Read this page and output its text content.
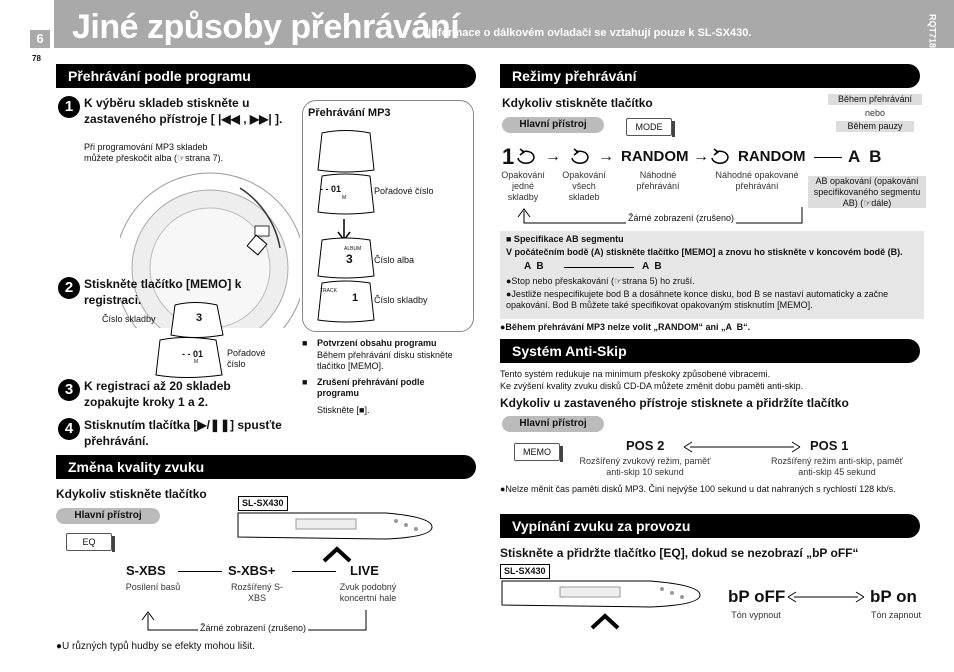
6
78
Jiné způsoby přehrávání
Informace o dálkovém ovladači se vztahují pouze k SL-SX430.	RQT7186
Přehrávání podle programu
1 K výběru skladeb stiskněte u zastaveného přístroje [ |◀◀ , ▶▶| ].
Při programování MP3 skladeb můžete přeskočit alba (☞strana 7).
2 Stiskněte tlačítko [MEMO] k registraci.
Číslo skladby	3
- - 01
M
Pořadové číslo
3 K registraci až 20 skladeb zopakujte kroky 1 a 2.
4 Stisknutím tlačítka [▶/❚❚] spusťte přehrávání.
Přehrávání MP3
- - 01
M
Pořadové číslo
ALBUM
3 Číslo alba
TRACK
1 Číslo skladby
■ Potvrzení obsahu programu
Během přehrávání disku stiskněte tlačítko [MEMO].
■ Zrušení přehrávání podle programu
Stiskněte [■].
Změna kvality zvuku
Kdykoliv stiskněte tlačítko
Hlavní přístroj
SL-SX430
EQ
S-XBS	S-XBS+	LIVE
Posílení basů	Rozšířený S-XBS
Zvuk podobný koncertní hale
Žárné zobrazení (zrušeno)
●U různých typů hudby se efekty mohou lišit.
Režimy přehrávání
Kdykoliv stiskněte tlačítko
Hlavní přístroj	MODE
Během přehrávání
nebo
Během pauzy
1 → → RANDOM → RANDOM	A  B
Opakování jedné skladby
Opakování všech skladeb
Náhodné přehrávání
Náhodné opakované přehrávání	AB opakování (opakování specifikovaného segmentu AB) (☞dále)
Žárné zobrazení (zrušeno)
■ Specifikace AB segmentu
V počátečním bodě (A) stiskněte tlačítko [MEMO] a znovu ho stiskněte v koncovém bodě (B).
A  B	A  B
●Stop nebo přeskakování (☞strana 5) ho zruší.
●Jestliže nespecifikujete bod B a dosáhnete konce disku, bod B se nastaví automaticky a začne opakování. Bod B můžete také specifikovat opakovaným stisknutím [MEMO].
●Během přehrávání MP3 nelze volit „RANDOM“ ani „A  B“.
Systém Anti-Skip
Tento systém redukuje na minimum přeskoky způsobené vibracemi.
Ke zvýšení kvality zvuku disků CD-DA můžete změnit dobu paměti anti-skip.
Kdykoliv u zastaveného přístroje stisknete a přidržíte tlačítko
Hlavní přístroj
MEMO	POS 2	POS 1
Rozšířený zvukový režim, paměť anti-skip 10 sekund
Rozšířený režim anti-skip, paměť anti-skip 45 sekund
●Nelze měnit čas paměti disků MP3. Činí nejvýše 100 sekund u dat nahraných s rychlostí 128 kb/s.
Vypínání zvuku za provozu
Stiskněte a přidržte tlačítko [EQ], dokud se nezobrazí „bP oFF“
SL-SX430
bP oFF	bP on
Tón vypnout	Tón zapnout
